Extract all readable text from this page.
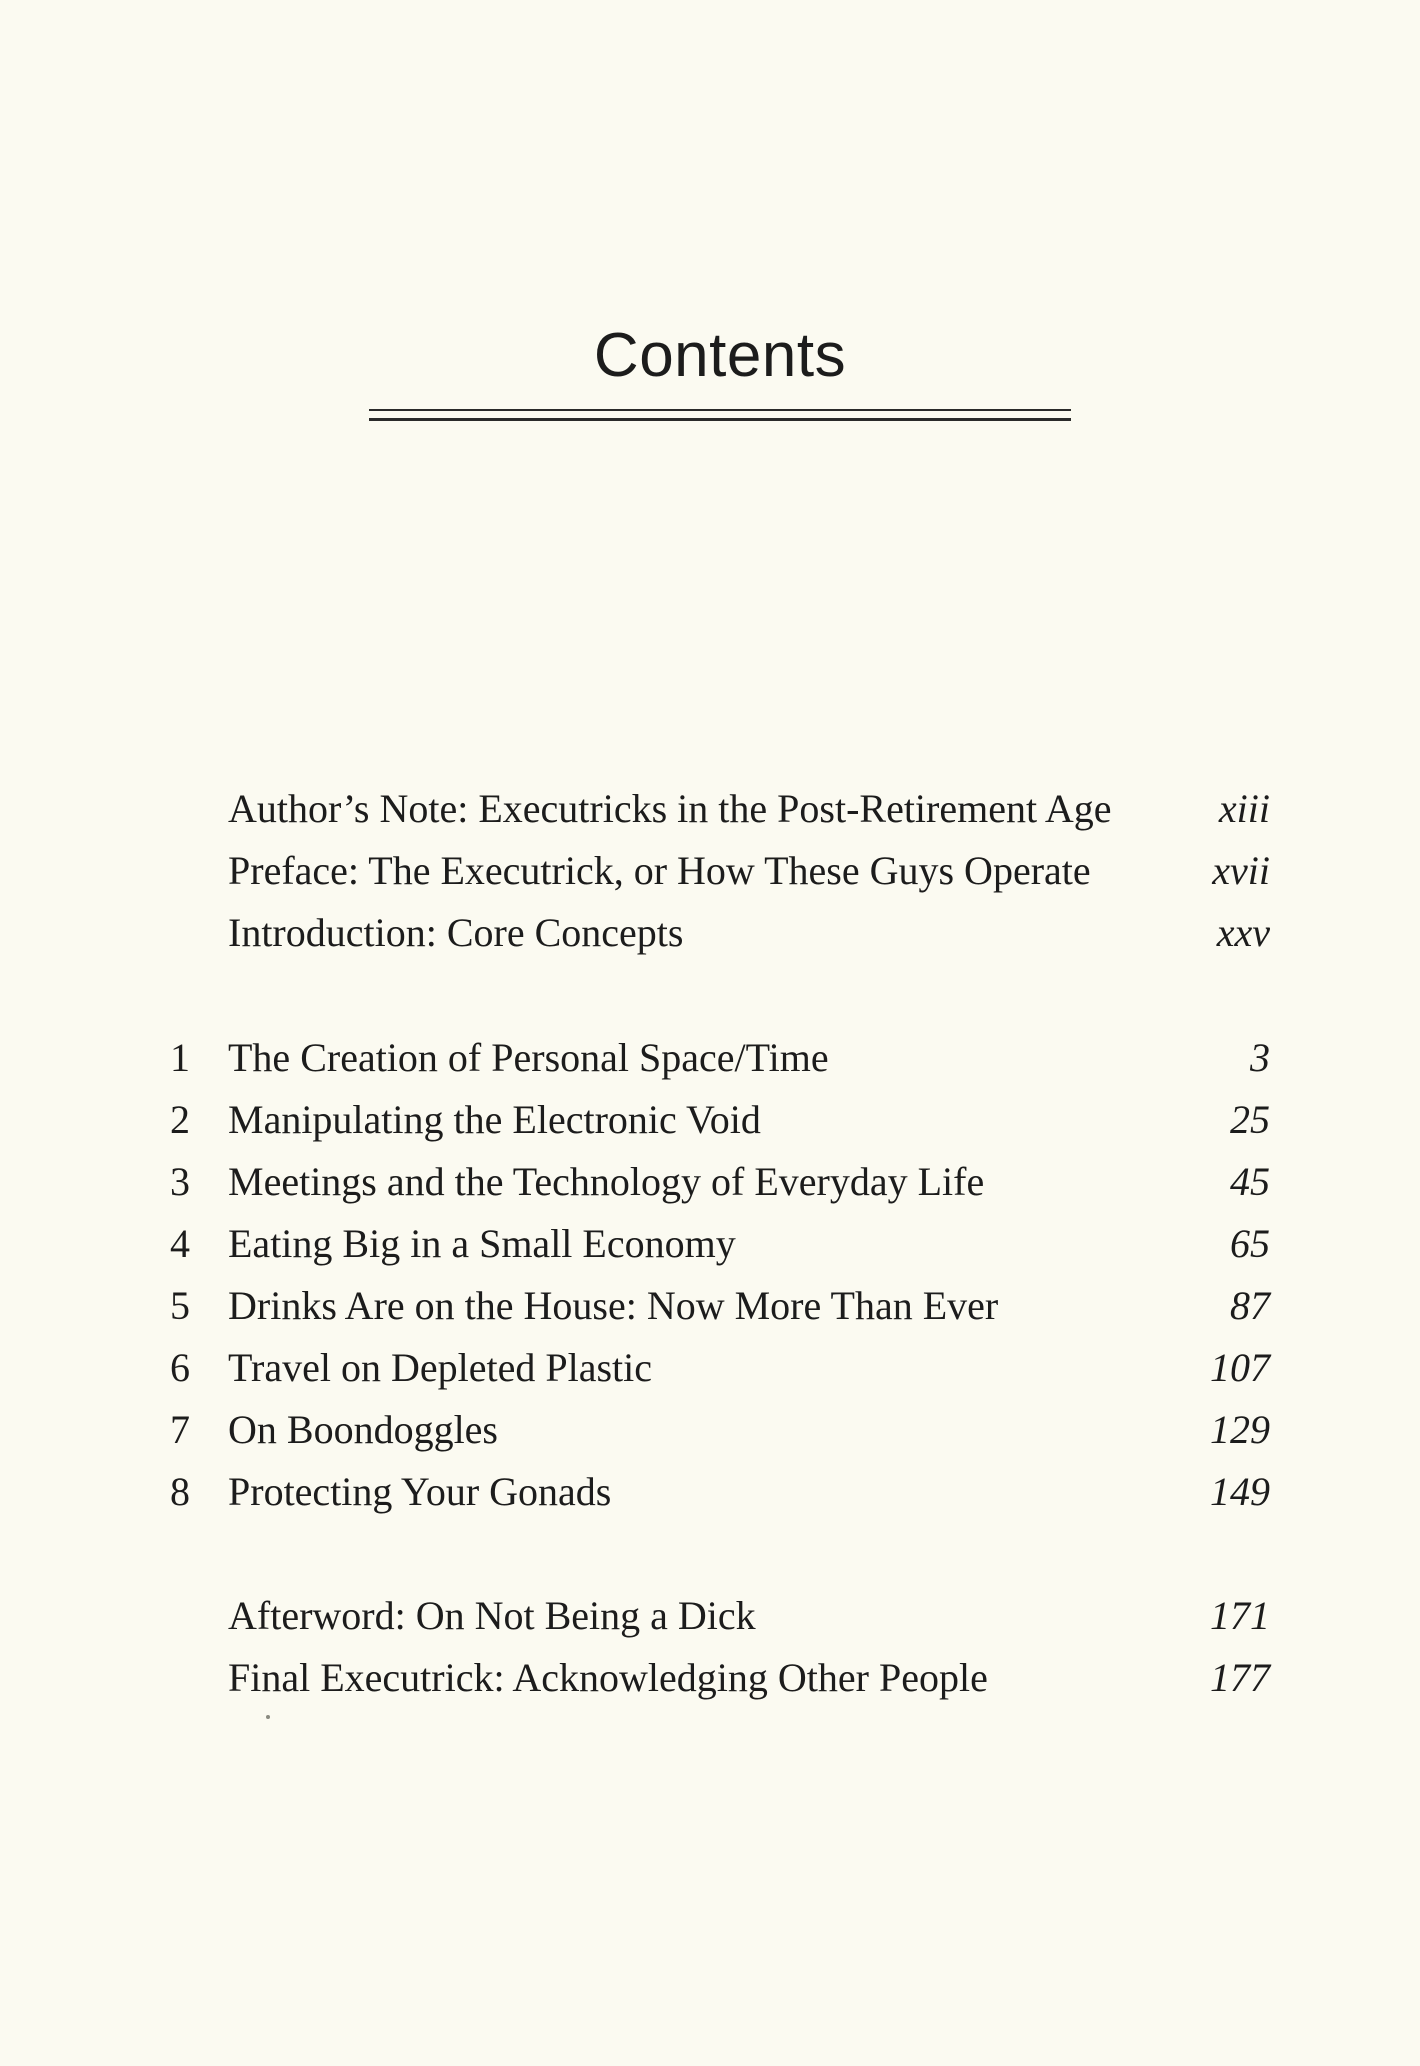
Contents
Author’s Note: Executricks in the Post-Retirement Age	xiii
Preface: The Executrick, or How These Guys Operate	xvii
Introduction: Core Concepts	xxv
1 The Creation of Personal Space/Time	3
2 Manipulating the Electronic Void	25
3 Meetings and the Technology of Everyday Life	45
4 Eating Big in a Small Economy	65
5 Drinks Are on the House: Now More Than Ever	87
6 Travel on Depleted Plastic	107
7 On Boondoggles	129
8 Protecting Your Gonads	149
Afterword: On Not Being a Dick	171
Final Executrick: Acknowledging Other People	177
